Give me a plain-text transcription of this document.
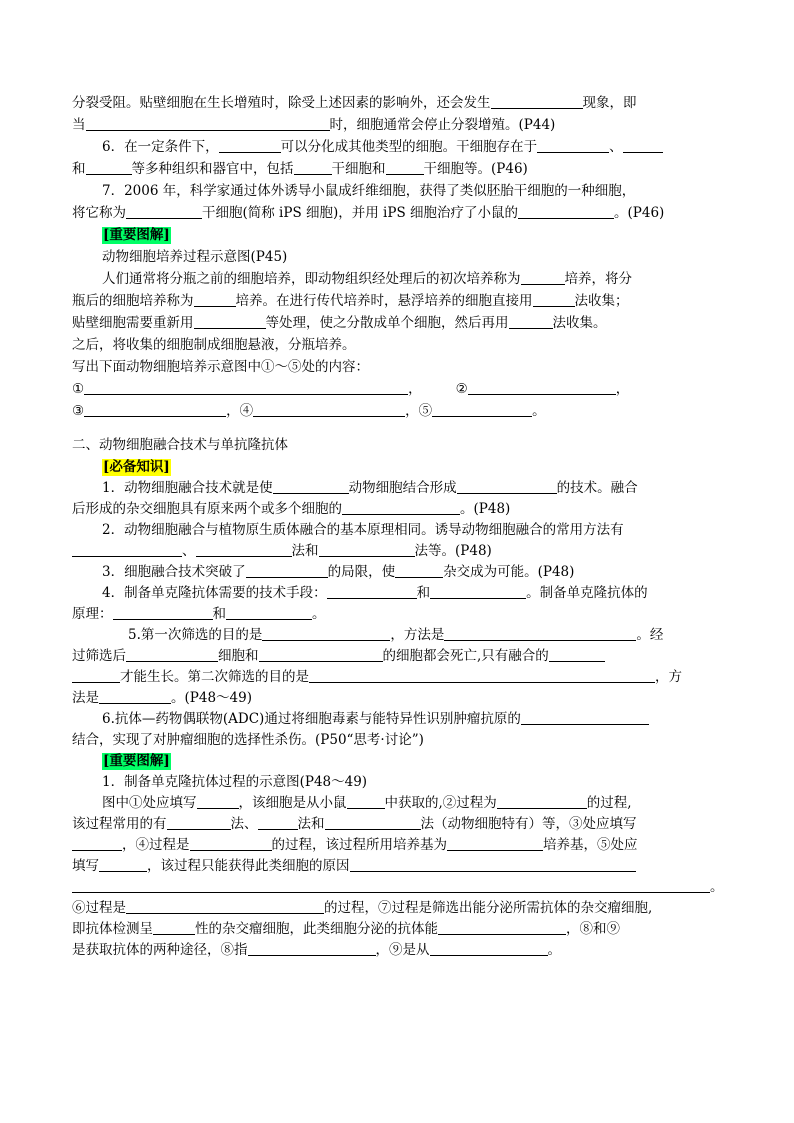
分裂受阻。贴壁细胞在生长增殖时，除受上述因素的影响外，还会发生	现象，即
当	时，细胞通常会停止分裂增殖。(P44)
6．在一定条件下，	可以分化成其他类型的细胞。干细胞存在于	、
和	等多种组织和器官中，包括	干细胞和	干细胞等。(P46)
7．2006 年，科学家通过体外诱导小鼠成纤维细胞，获得了类似胚胎干细胞的一种细胞，
将它称为	干细胞(简称 iPS 细胞)，并用 iPS 细胞治疗了小鼠的	。(P46)
[重要图解]
动物细胞培养过程示意图(P45)
人们通常将分瓶之前的细胞培养，即动物组织经处理后的初次培养称为	培养，将分
瓶后的细胞培养称为	培养。在进行传代培养时，悬浮培养的细胞直接用	法收集；
贴壁细胞需要重新用	等处理，使之分散成单个细胞，然后再用	法收集。
之后，将收集的细胞制成细胞悬液，分瓶培养。
写出下面动物细胞培养示意图中①～⑤处的内容：
①	，	②	，
③	，④	，⑤	。
二、动物细胞融合技术与单抗隆抗体
[必备知识]
1．动物细胞融合技术就是使	动物细胞结合形成	的技术。融合
后形成的杂交细胞具有原来两个或多个细胞的	。(P48)
2．动物细胞融合与植物原生质体融合的基本原理相同。诱导动物细胞融合的常用方法有
、	法和	法等。(P48)
3．细胞融合技术突破了	的局限，使	杂交成为可能。(P48)
4．制备单克隆抗体需要的技术手段：	和	。制备单克隆抗体的
原理：	和	。
5.第一次筛选的目的是	，方法是	。经
过筛选后	细胞和	的细胞都会死亡,只有融合的
才能生长。第二次筛选的目的是	，方
法是	。(P48～49)
6.抗体—药物偶联物(ADC)通过将细胞毒素与能特异性识别肿瘤抗原的
结合，实现了对肿瘤细胞的选择性杀伤。(P50“思考·讨论”)
[重要图解]
1．制备单克隆抗体过程的示意图(P48～49)
图中①处应填写	，该细胞是从小鼠	中获取的,②过程为	的过程,
该过程常用的有	法、	法和	法（动物细胞特有）等，③处应填写
，④过程是	的过程，该过程所用培养基为	培养基，⑤处应
填写	，该过程只能获得此类细胞的原因
。
⑥过程是	的过程，⑦过程是筛选出能分泌所需抗体的杂交瘤细胞,
即抗体检测呈	性的杂交瘤细胞，此类细胞分泌的抗体能	，⑧和⑨
是获取抗体的两种途径，⑧指	，⑨是从	。
